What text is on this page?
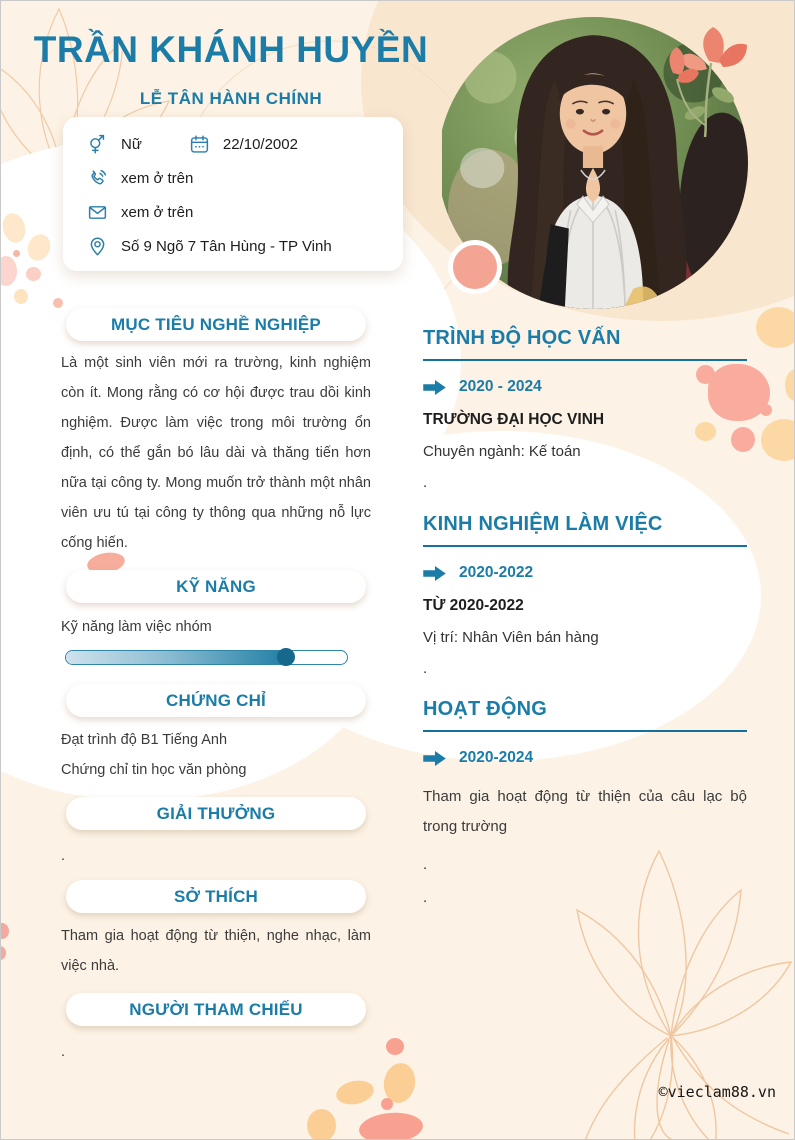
TRẦN KHÁNH HUYỀN
LỄ TÂN HÀNH CHÍNH
Nữ	22/10/2002
xem ở trên
xem ở trên
Số 9 Ngõ 7 Tân Hùng - TP Vinh
MỤC TIÊU NGHỀ NGHIỆP
Là một sinh viên mới ra trường, kinh nghiệm còn ít. Mong rằng có cơ hội được trau dồi kinh nghiệm. Được làm việc trong môi trường ổn định, có thể gắn bó lâu dài và thăng tiến hơn nữa tại công ty. Mong muốn trở thành một nhân viên ưu tú tại công ty thông qua những nỗ lực cống hiến.
KỸ NĂNG
Kỹ năng làm việc nhóm
CHỨNG CHỈ
Đạt trình độ B1 Tiếng Anh
Chứng chỉ tin học văn phòng
GIẢI THƯỞNG
.
SỞ THÍCH
Tham gia hoạt động từ thiện, nghe nhạc, làm việc nhà.
NGƯỜI THAM CHIẾU
.
TRÌNH ĐỘ HỌC VẤN
2020 - 2024
TRƯỜNG ĐẠI HỌC VINH
Chuyên ngành: Kế toán
.
KINH NGHIỆM LÀM VIỆC
2020-2022
TỪ 2020-2022
Vị trí: Nhân Viên bán hàng
.
HOẠT ĐỘNG
2020-2024
Tham gia hoạt động từ thiện của câu lạc bộ trong trường
.
.
©vieclam88.vn
